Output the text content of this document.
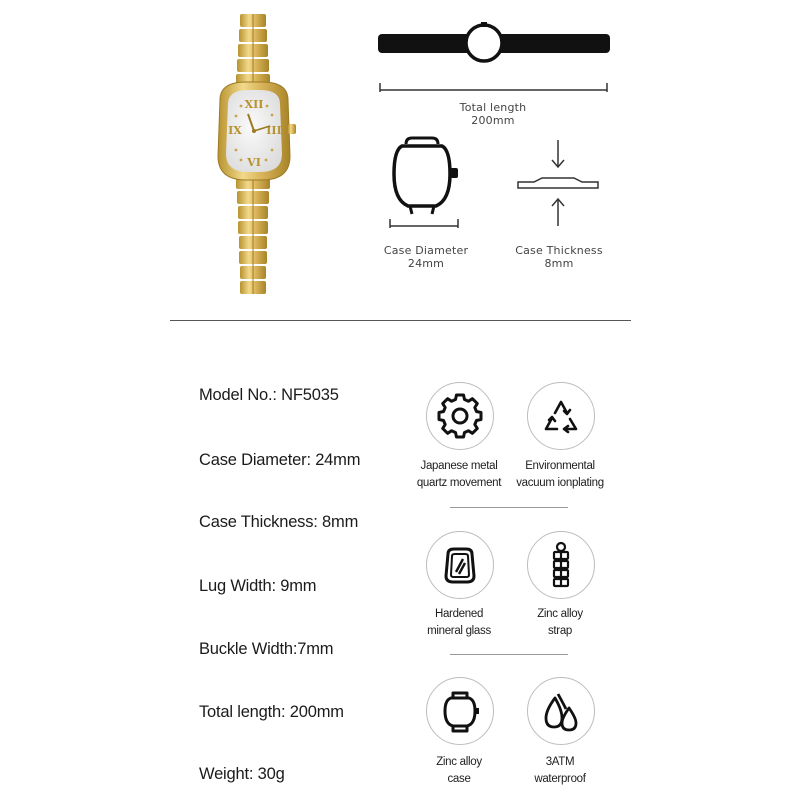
XII
III
VI
IX
Total length
200mm
Case Diameter
24mm
Case Thickness
8mm
Model No.: NF5035
Case Diameter: 24mm
Case Thickness: 8mm
Lug Width: 9mm
Buckle Width:7mm
Total length: 200mm
Weight: 30g
Japanese metal
quartz movement
Environmental
vacuum ionplating
Hardened
mineral glass
Zinc alloy
strap
Zinc alloy
case
3ATM
waterproof
